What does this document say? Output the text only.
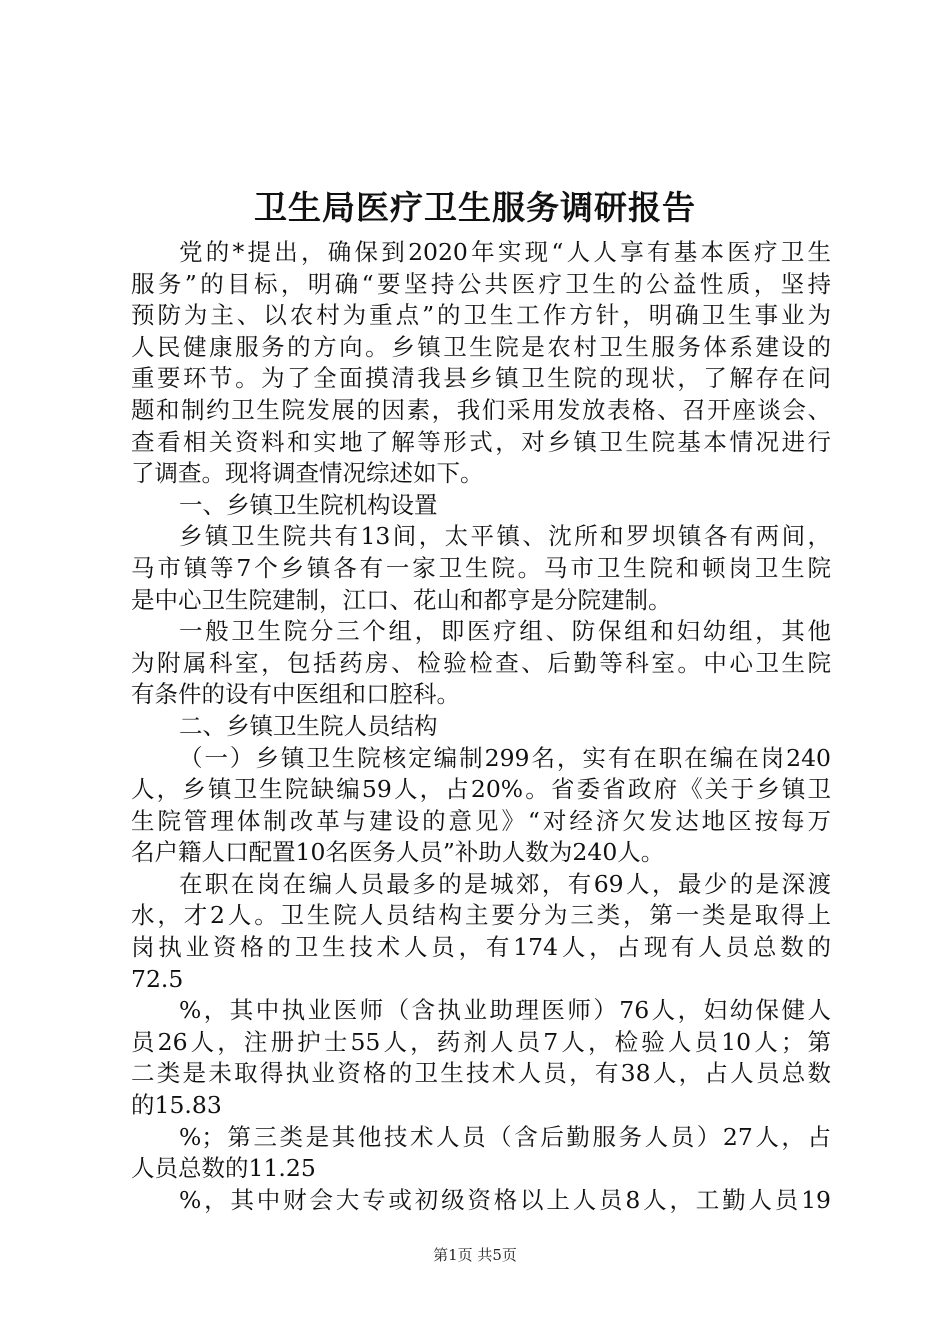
卫生局医疗卫生服务调研报告
党的*提出，确保到2020年实现“人人享有基本医疗卫生
服务”的目标，明确“要坚持公共医疗卫生的公益性质，坚持
预防为主、以农村为重点”的卫生工作方针，明确卫生事业为
人民健康服务的方向。乡镇卫生院是农村卫生服务体系建设的
重要环节。为了全面摸清我县乡镇卫生院的现状，了解存在问
题和制约卫生院发展的因素，我们采用发放表格、召开座谈会、
查看相关资料和实地了解等形式，对乡镇卫生院基本情况进行
了调查。现将调查情况综述如下。
一、乡镇卫生院机构设置
乡镇卫生院共有13间，太平镇、沈所和罗坝镇各有两间，
马市镇等7个乡镇各有一家卫生院。马市卫生院和顿岗卫生院
是中心卫生院建制，江口、花山和都亨是分院建制。
一般卫生院分三个组，即医疗组、防保组和妇幼组，其他
为附属科室，包括药房、检验检查、后勤等科室。中心卫生院
有条件的设有中医组和口腔科。
二、乡镇卫生院人员结构
（一）乡镇卫生院核定编制299名，实有在职在编在岗240
人，乡镇卫生院缺编59人，占20%。省委省政府《关于乡镇卫
生院管理体制改革与建设的意见》“对经济欠发达地区按每万
名户籍人口配置10名医务人员”补助人数为240人。
在职在岗在编人员最多的是城郊，有69人，最少的是深渡
水，才2人。卫生院人员结构主要分为三类，第一类是取得上
岗执业资格的卫生技术人员，有174人，占现有人员总数的
72.5
%，其中执业医师（含执业助理医师）76人，妇幼保健人
员26人，注册护士55人，药剂人员7人，检验人员10人；第
二类是未取得执业资格的卫生技术人员，有38人，占人员总数
的15.83
%；第三类是其他技术人员（含后勤服务人员）27人，占
人员总数的11.25
%，其中财会大专或初级资格以上人员8人，工勤人员19
第1页 共5页
